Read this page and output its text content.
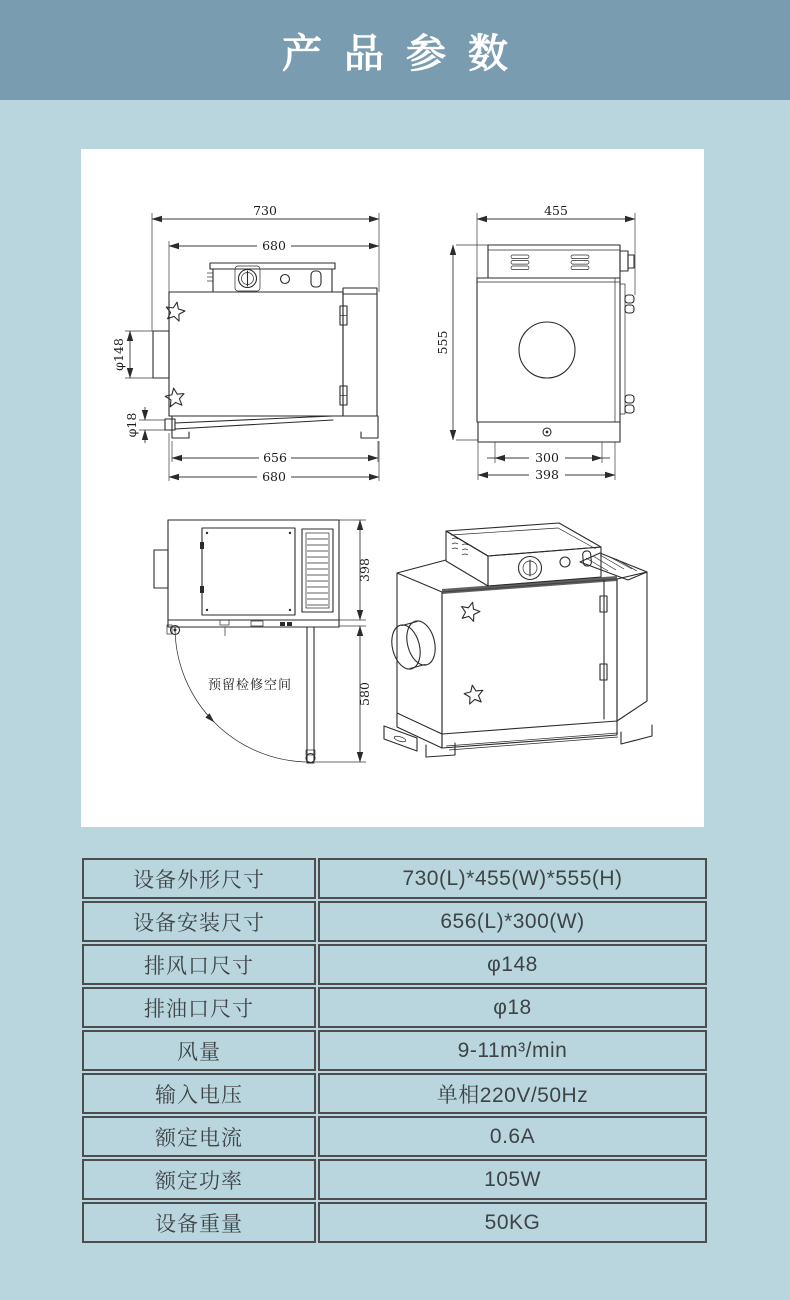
产品参数
730
680
φ148
φ18
656
680
455
555
300
398
预留检修空间
398
580
设备外形尺寸	730(L)*455(W)*555(H)
设备安装尺寸	656(L)*300(W)
排风口尺寸	φ148
排油口尺寸	φ18
风量	9-11m³/min
输入电压	单相220V/50Hz
额定电流	0.6A
额定功率	105W
设备重量	50KG
